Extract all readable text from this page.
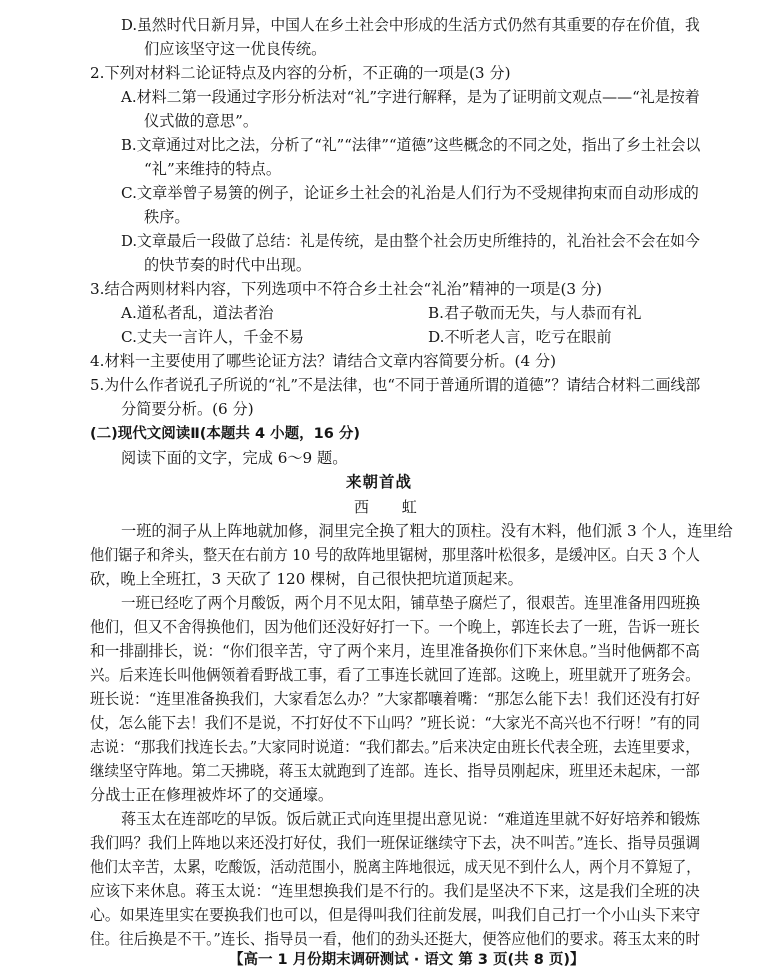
D.虽然时代日新月异，中国人在乡土社会中形成的生活方式仍然有其重要的存在价值，我
们应该坚守这一优良传统。
2.下列对材料二论证特点及内容的分析，不正确的一项是(3 分)
A.材料二第一段通过字形分析法对“礼”字进行解释，是为了证明前文观点——“礼是按着
仪式做的意思”。
B.文章通过对比之法，分析了“礼”“法律”“道德”这些概念的不同之处，指出了乡土社会以
“礼”来维持的特点。
C.文章举曾子易箦的例子，论证乡土社会的礼治是人们行为不受规律拘束而自动形成的
秩序。
D.文章最后一段做了总结：礼是传统，是由整个社会历史所维持的，礼治社会不会在如今
的快节奏的时代中出现。
3.结合两则材料内容，下列选项中不符合乡土社会“礼治”精神的一项是(3 分)
A.道私者乱，道法者治	B.君子敬而无失，与人恭而有礼
C.丈夫一言许人，千金不易	D.不听老人言，吃亏在眼前
4.材料一主要使用了哪些论证方法？请结合文章内容简要分析。(4 分)
5.为什么作者说孔子所说的“礼”不是法律，也“不同于普通所谓的道德”？请结合材料二画线部
分简要分析。(6 分)
(二)现代文阅读Ⅱ(本题共 4 小题，16 分)
阅读下面的文字，完成 6～9 题。
来朝首战
西 虹
一班的洞子从上阵地就加修，洞里完全换了粗大的顶柱。没有木料，他们派 3 个人，连里给
他们锯子和斧头，整天在右前方 10 号的敌阵地里锯树，那里落叶松很多，是缓冲区。白天 3 个人
砍，晚上全班扛，3 天砍了 120 棵树，自己很快把坑道顶起来。
一班已经吃了两个月酸饭，两个月不见太阳，铺草垫子腐烂了，很艰苦。连里准备用四班换
他们，但又不舍得换他们，因为他们还没好好打一下。一个晚上，郭连长去了一班，告诉一班长
和一排副排长，说：“你们很辛苦，守了两个来月，连里准备换你们下来休息。”当时他俩都不高
兴。后来连长叫他俩领着看野战工事，看了工事连长就回了连部。这晚上，班里就开了班务会。
班长说：“连里准备换我们，大家看怎么办？”大家都嚷着嘴：“那怎么能下去！我们还没有打好
仗，怎么能下去！我们不是说，不打好仗不下山吗？”班长说：“大家光不高兴也不行呀！”有的同
志说：“那我们找连长去。”大家同时说道：“我们都去。”后来决定由班长代表全班，去连里要求，
继续坚守阵地。第二天拂晓，蒋玉太就跑到了连部。连长、指导员刚起床，班里还未起床，一部
分战士正在修理被炸坏了的交通壕。
蒋玉太在连部吃的早饭。饭后就正式向连里提出意见说：“难道连里就不好好培养和锻炼
我们吗？我们上阵地以来还没打好仗，我们一班保证继续守下去，决不叫苦。”连长、指导员强调
他们太辛苦，太累，吃酸饭，活动范围小，脱离主阵地很远，成天见不到什么人，两个月不算短了，
应该下来休息。蒋玉太说：“连里想换我们是不行的。我们是坚决不下来，这是我们全班的决
心。如果连里实在要换我们也可以，但是得叫我们往前发展，叫我们自己打一个小山头下来守
住。往后换是不干。”连长、指导员一看，他们的劲头还挺大，便答应他们的要求。蒋玉太来的时
【高一 1 月份期末调研测试 · 语文 第 3 页(共 8 页)】
